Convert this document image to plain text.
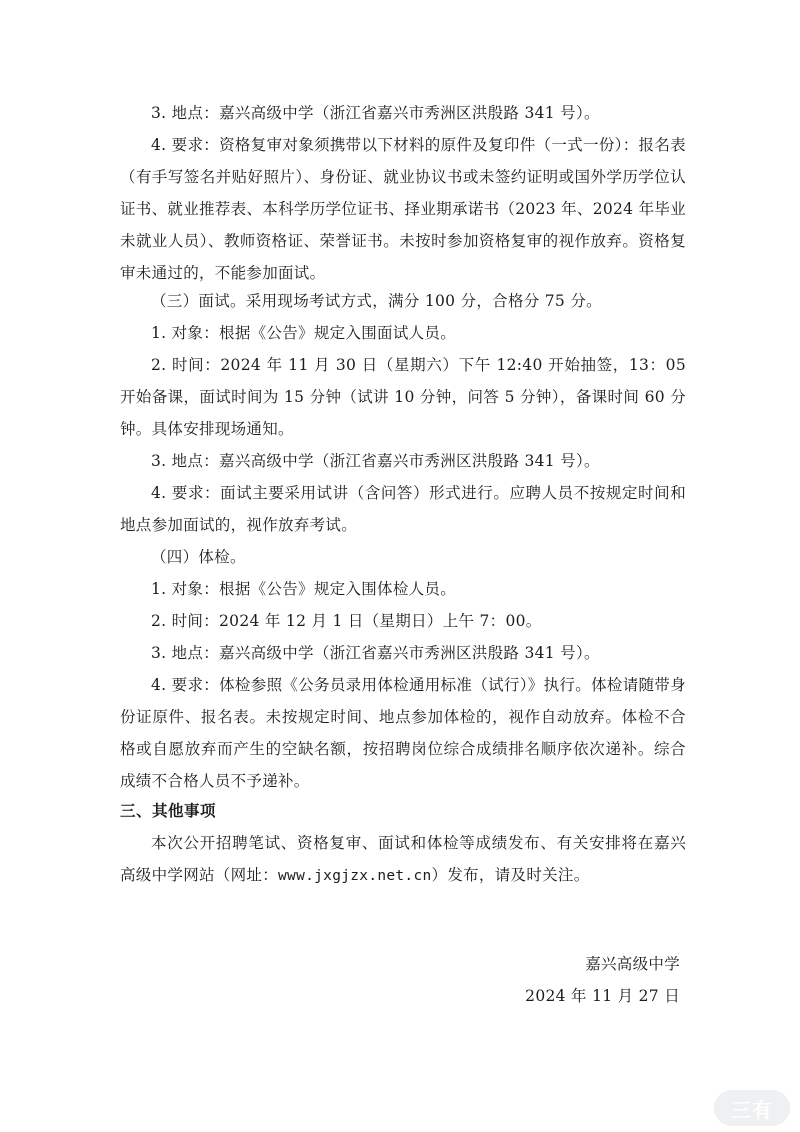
3. 地点：嘉兴高级中学（浙江省嘉兴市秀洲区洪殷路 341 号）。

4. 要求：资格复审对象须携带以下材料的原件及复印件（一式一份）：报名表（有手写签名并贴好照片）、身份证、就业协议书或未签约证明或国外学历学位认证书、就业推荐表、本科学历学位证书、择业期承诺书（2023 年、2024 年毕业未就业人员）、教师资格证、荣誉证书。未按时参加资格复审的视作放弃。资格复审未通过的，不能参加面试。

（三）面试。采用现场考试方式，满分 100 分，合格分 75 分。

1. 对象：根据《公告》规定入围面试人员。

2. 时间：2024 年 11 月 30 日（星期六）下午 12:40 开始抽签，13：05 开始备课，面试时间为 15 分钟（试讲 10 分钟，问答 5 分钟），备课时间 60 分钟。具体安排现场通知。

3. 地点：嘉兴高级中学（浙江省嘉兴市秀洲区洪殷路 341 号）。

4. 要求：面试主要采用试讲（含问答）形式进行。应聘人员不按规定时间和地点参加面试的，视作放弃考试。

（四）体检。

1. 对象：根据《公告》规定入围体检人员。

2. 时间：2024 年 12 月 1 日（星期日）上午 7：00。

3. 地点：嘉兴高级中学（浙江省嘉兴市秀洲区洪殷路 341 号）。

4. 要求：体检参照《公务员录用体检通用标准（试行）》执行。体检请随带身份证原件、报名表。未按规定时间、地点参加体检的，视作自动放弃。体检不合格或自愿放弃而产生的空缺名额，按招聘岗位综合成绩排名顺序依次递补。综合成绩不合格人员不予递补。

三、其他事项

本次公开招聘笔试、资格复审、面试和体检等成绩发布、有关安排将在嘉兴高级中学网站（网址：www.jxgjzx.net.cn）发布，请及时关注。

嘉兴高级中学
2024 年 11 月 27 日
三有
